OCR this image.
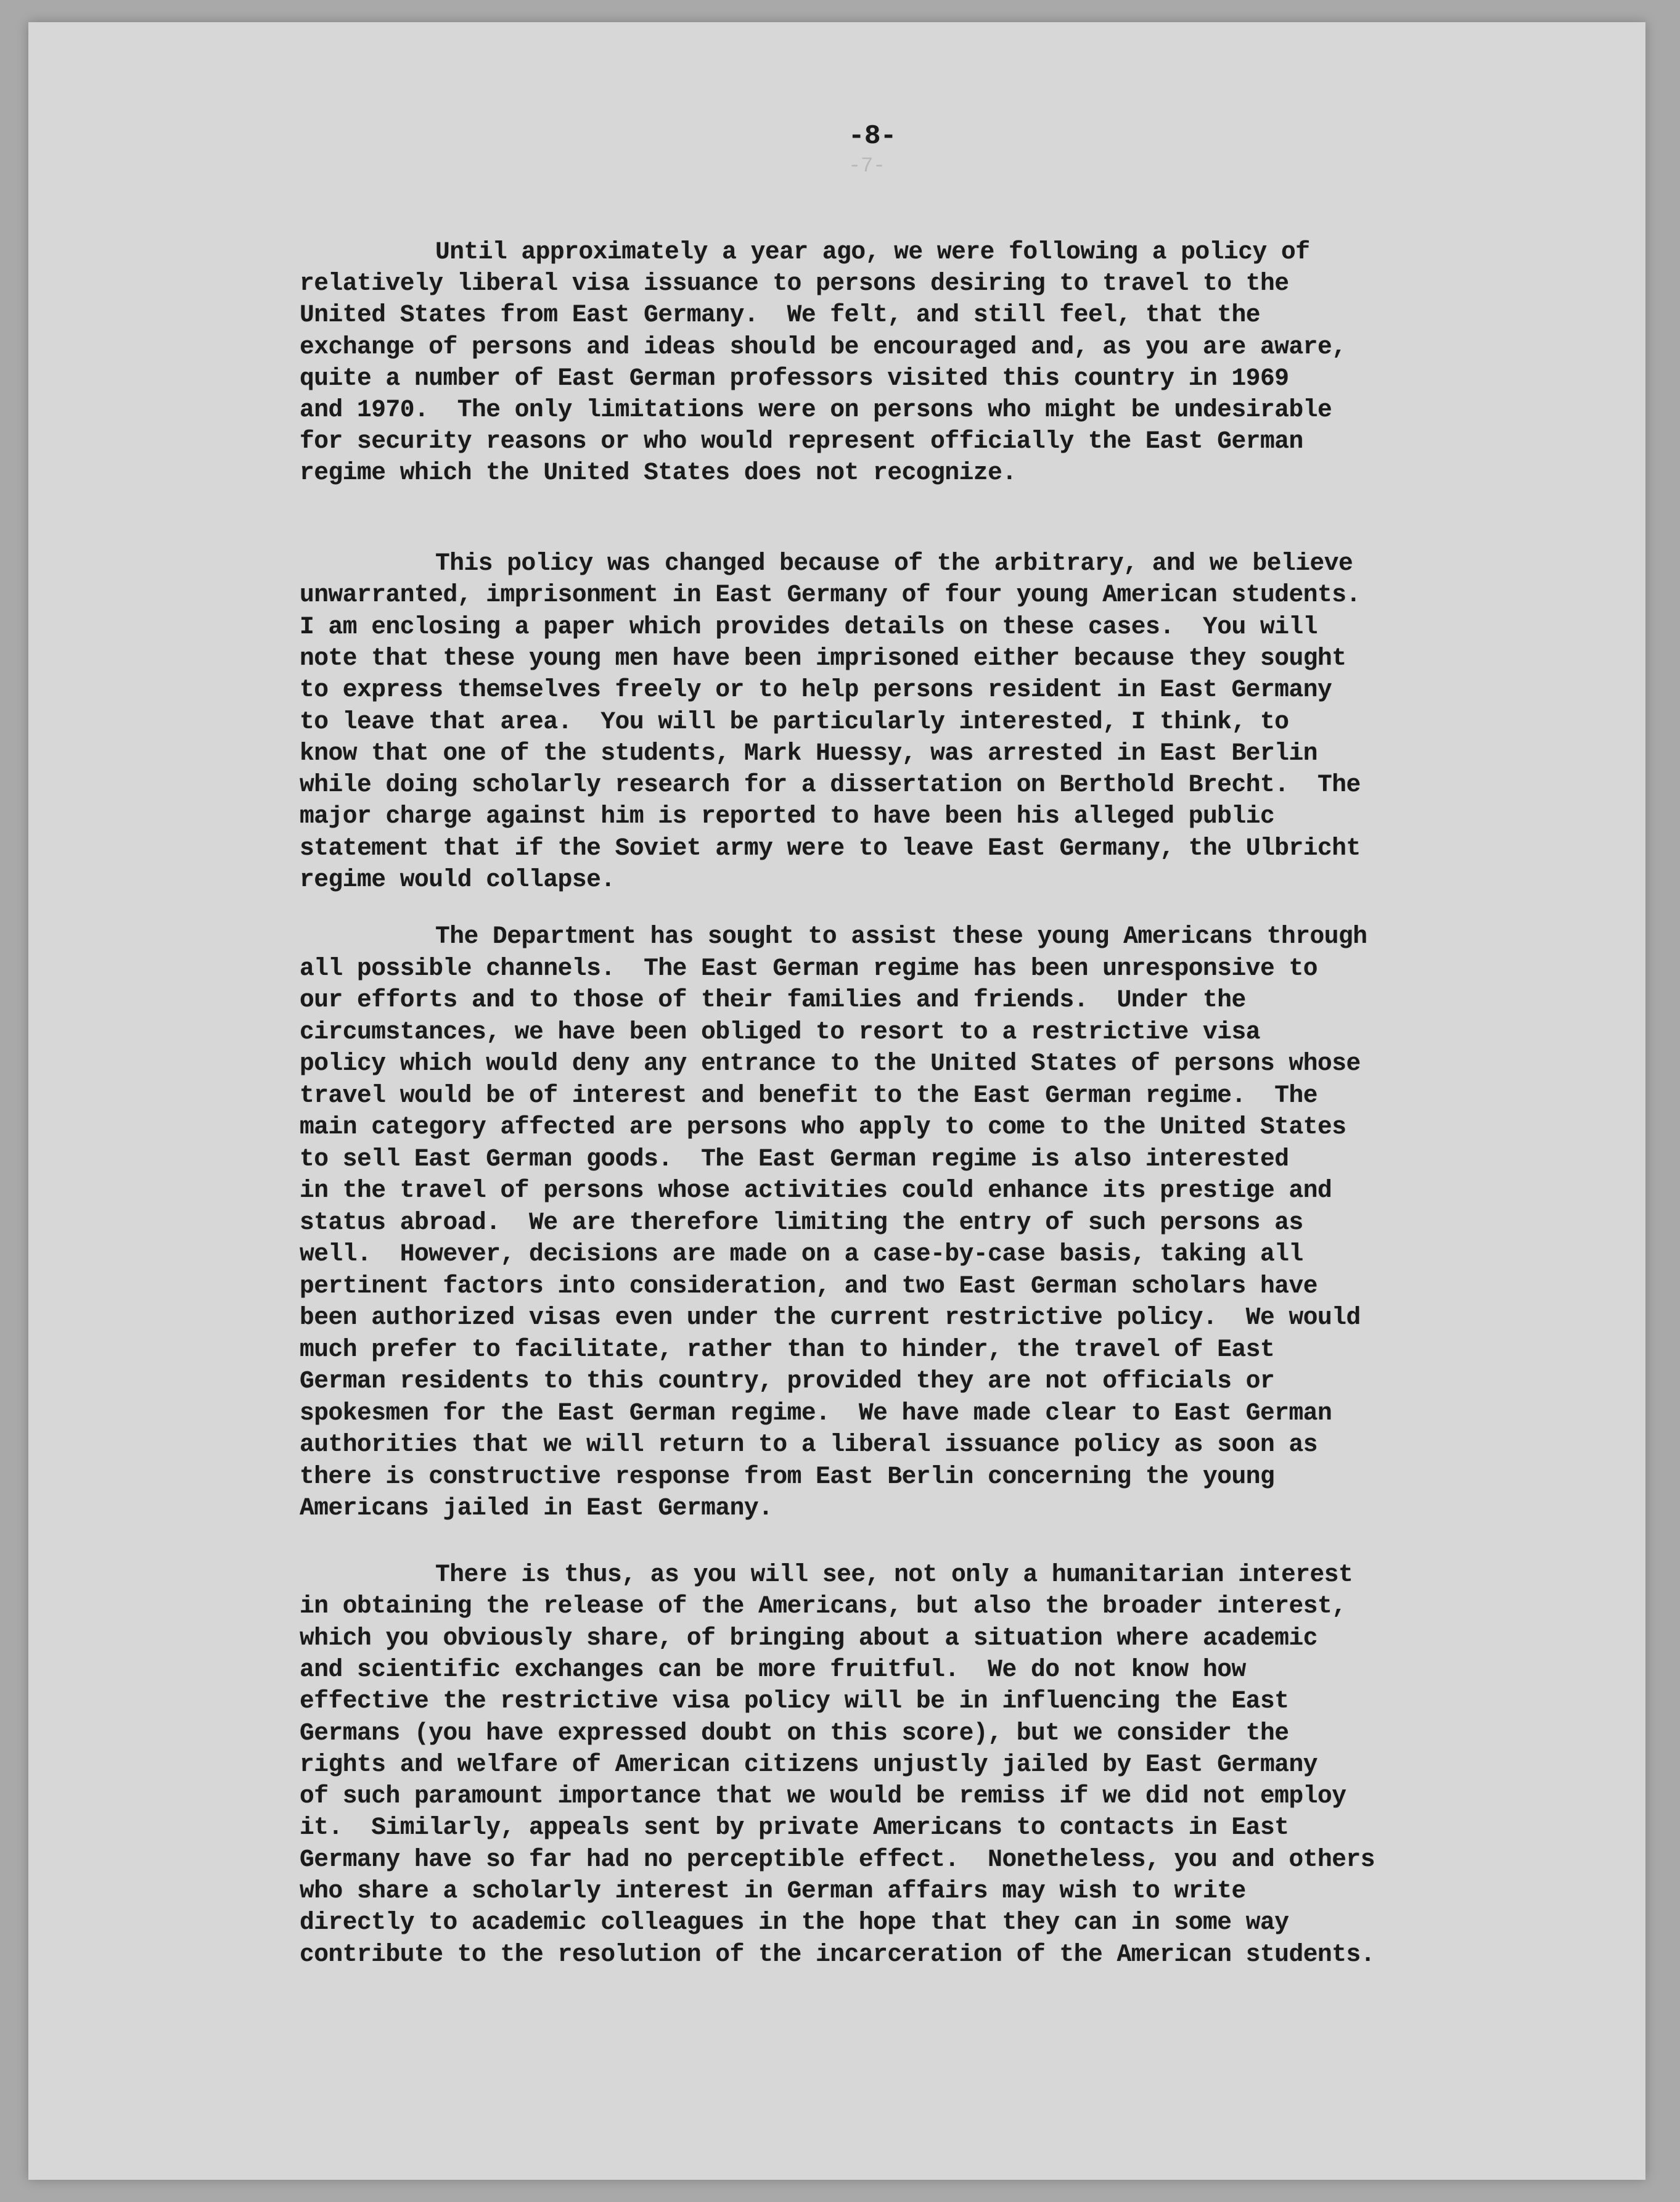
-8-
-7-
Until approximately a year ago, we were following a policy of
relatively liberal visa issuance to persons desiring to travel to the
United States from East Germany.  We felt, and still feel, that the
exchange of persons and ideas should be encouraged and, as you are aware,
quite a number of East German professors visited this country in 1969
and 1970.  The only limitations were on persons who might be undesirable
for security reasons or who would represent officially the East German
regime which the United States does not recognize.
This policy was changed because of the arbitrary, and we believe
unwarranted, imprisonment in East Germany of four young American students.
I am enclosing a paper which provides details on these cases.  You will
note that these young men have been imprisoned either because they sought
to express themselves freely or to help persons resident in East Germany
to leave that area.  You will be particularly interested, I think, to
know that one of the students, Mark Huessy, was arrested in East Berlin
while doing scholarly research for a dissertation on Berthold Brecht.  The
major charge against him is reported to have been his alleged public
statement that if the Soviet army were to leave East Germany, the Ulbricht
regime would collapse.
The Department has sought to assist these young Americans through
all possible channels.  The East German regime has been unresponsive to
our efforts and to those of their families and friends.  Under the
circumstances, we have been obliged to resort to a restrictive visa
policy which would deny any entrance to the United States of persons whose
travel would be of interest and benefit to the East German regime.  The
main category affected are persons who apply to come to the United States
to sell East German goods.  The East German regime is also interested
in the travel of persons whose activities could enhance its prestige and
status abroad.  We are therefore limiting the entry of such persons as
well.  However, decisions are made on a case-by-case basis, taking all
pertinent factors into consideration, and two East German scholars have
been authorized visas even under the current restrictive policy.  We would
much prefer to facilitate, rather than to hinder, the travel of East
German residents to this country, provided they are not officials or
spokesmen for the East German regime.  We have made clear to East German
authorities that we will return to a liberal issuance policy as soon as
there is constructive response from East Berlin concerning the young
Americans jailed in East Germany.
There is thus, as you will see, not only a humanitarian interest
in obtaining the release of the Americans, but also the broader interest,
which you obviously share, of bringing about a situation where academic
and scientific exchanges can be more fruitful.  We do not know how
effective the restrictive visa policy will be in influencing the East
Germans (you have expressed doubt on this score), but we consider the
rights and welfare of American citizens unjustly jailed by East Germany
of such paramount importance that we would be remiss if we did not employ
it.  Similarly, appeals sent by private Americans to contacts in East
Germany have so far had no perceptible effect.  Nonetheless, you and others
who share a scholarly interest in German affairs may wish to write
directly to academic colleagues in the hope that they can in some way
contribute to the resolution of the incarceration of the American students.
